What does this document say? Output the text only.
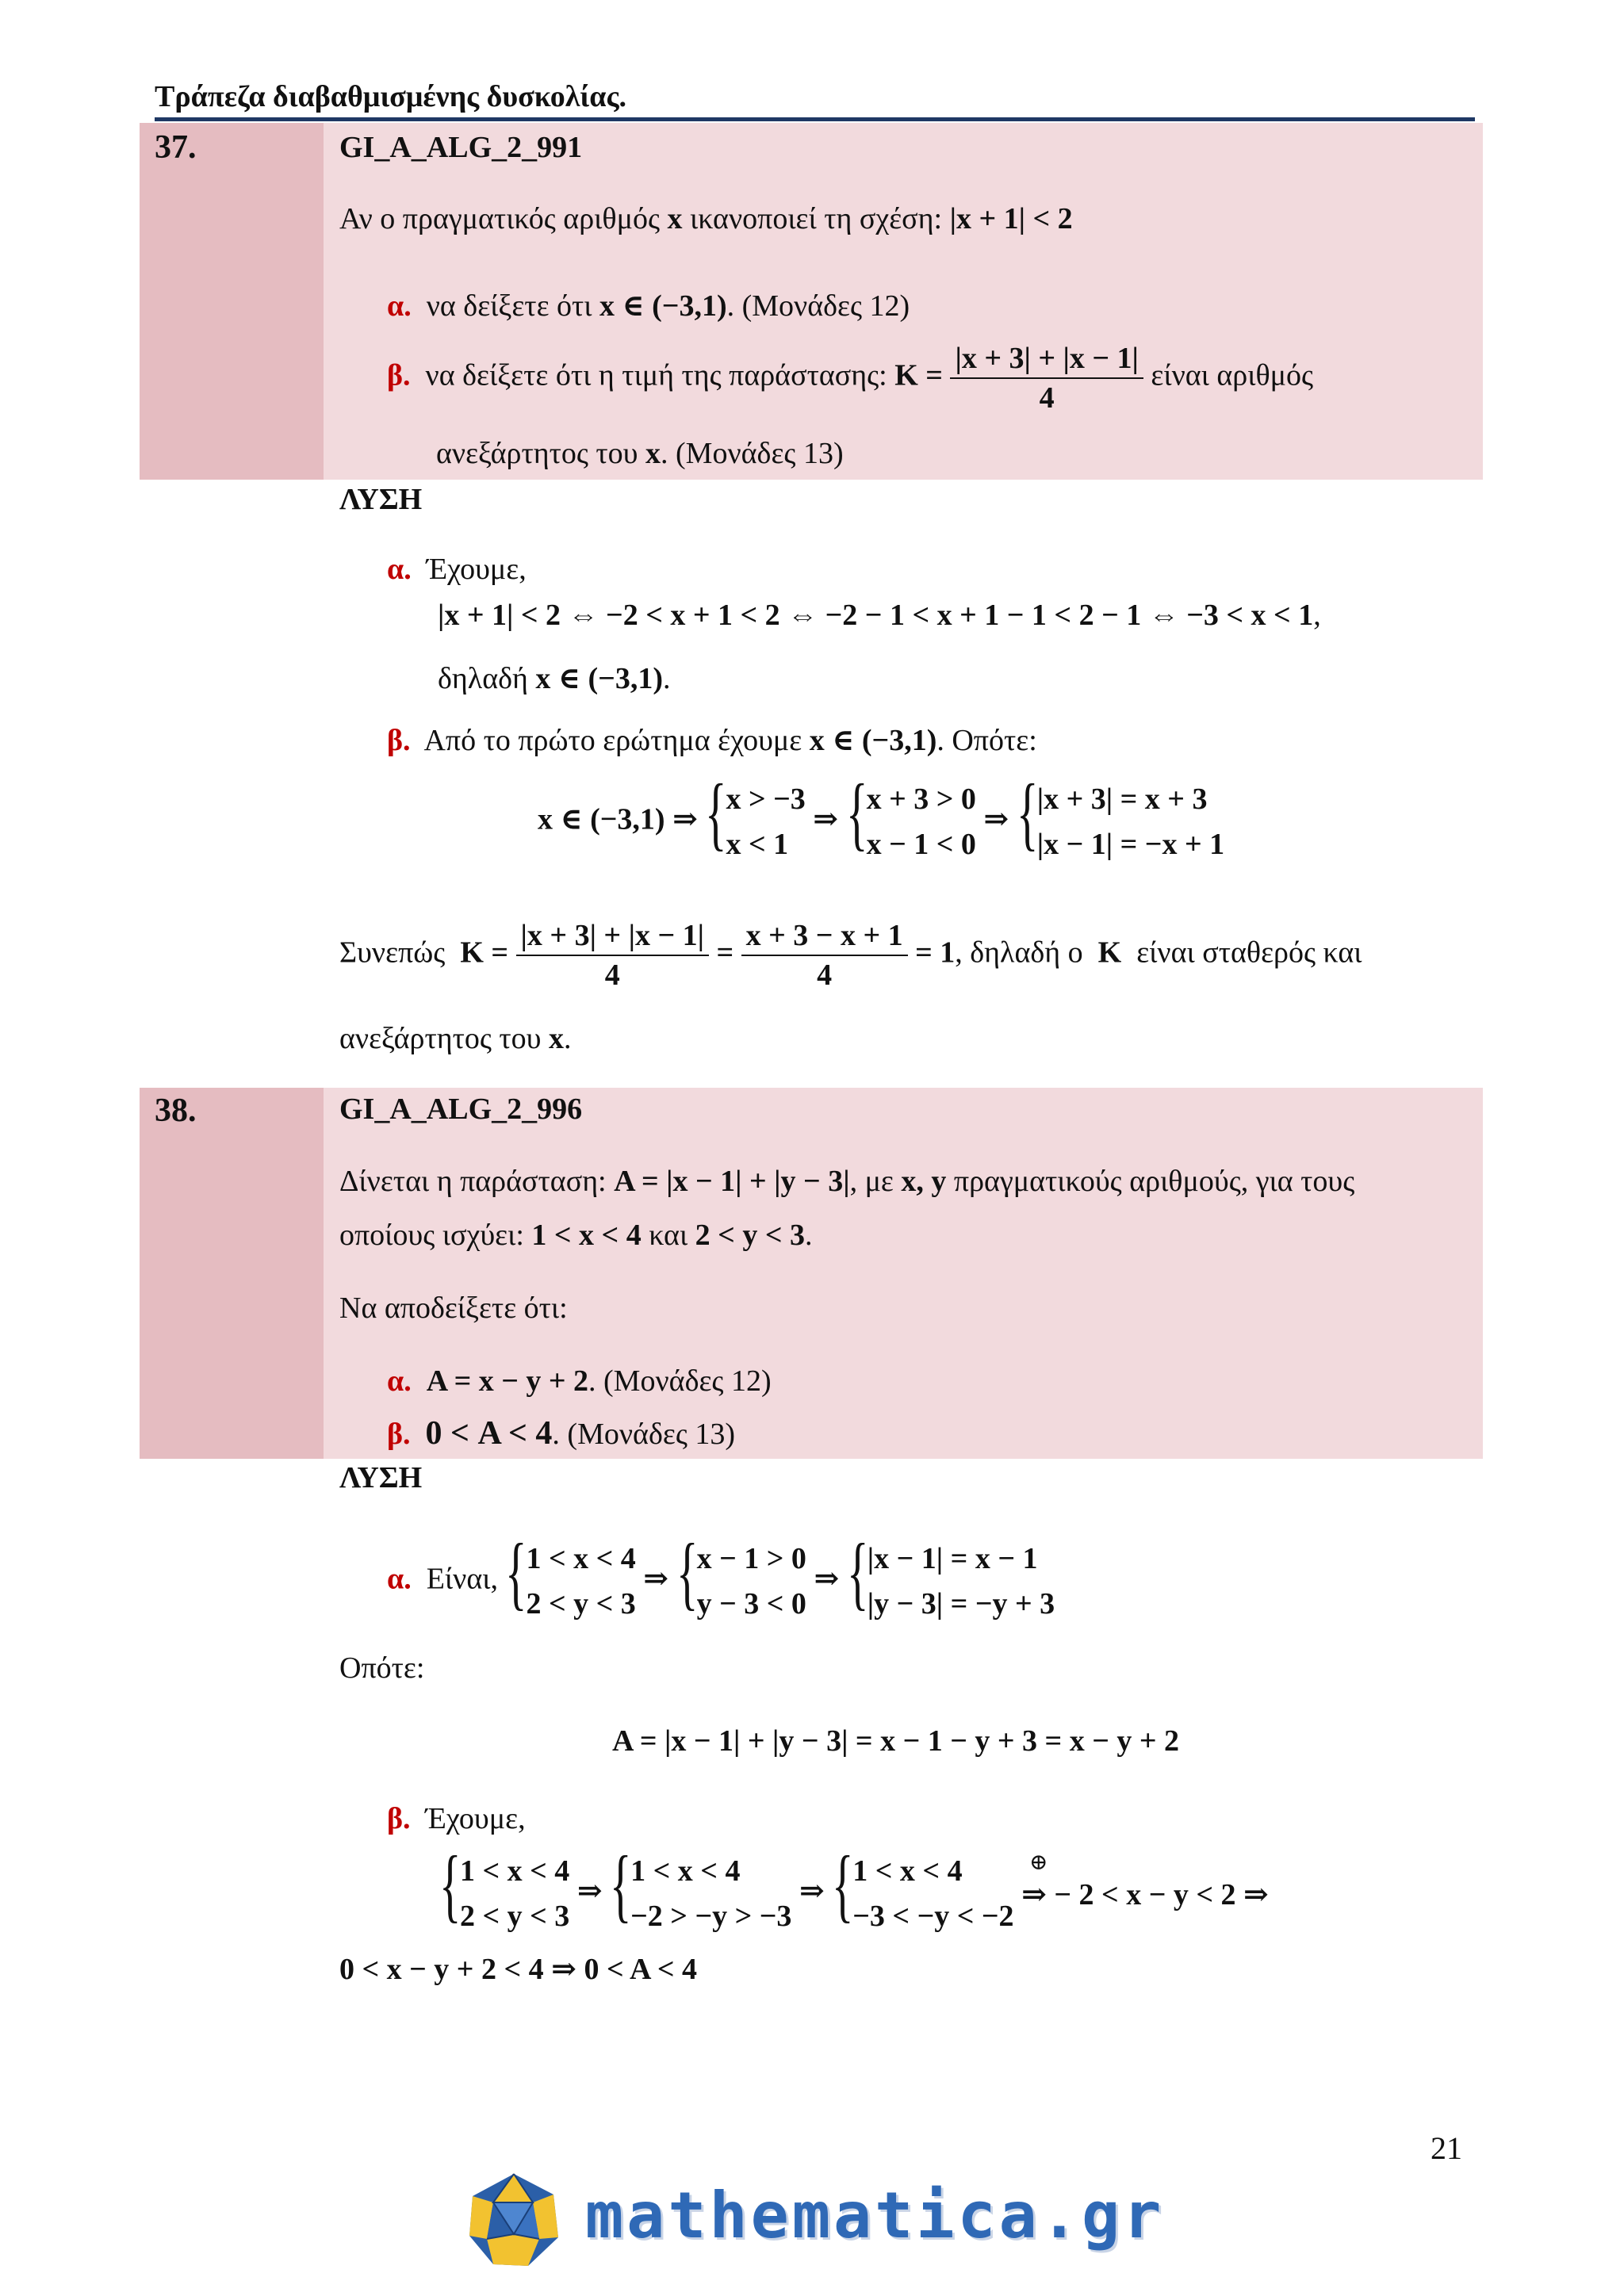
Τράπεζα διαβαθμισμένης δυσκολίας.
37.	GI_A_ALG_2_991
Αν ο πραγματικός αριθμός x ικανοποιεί τη σχέση: |x + 1| < 2
α. να δείξετε ότι x ∈ (−3,1). (Μονάδες 12)
β. να δείξετε ότι η τιμή της παράστασης: $K = \frac{|x + 3| + |x - 1|}{4}$ είναι αριθμός
ανεξάρτητος του x. (Μονάδες 13)
ΛΥΣΗ
α. Έχουμε,
|x + 1| < 2 ⇔ −2 < x + 1 < 2 ⇔ −2 − 1 < x + 1 − 1 < 2 − 1 ⇔ −3 < x < 1,
δηλαδή x ∈ (−3,1).
β. Από το πρώτο ερώτημα έχουμε x ∈ (−3,1). Οπότε:
x ∈ (−3,1) ⇒ {
x > −3
x < 1
⇒ {
x + 3 > 0
x − 1 < 0
⇒ {
|x + 3| = x + 3
|x − 1| = −x + 1
Συνεπώς $K = \frac{|x + 3| + |x - 1|}{4} = \frac{x + 3 - x + 1}{4} = 1$, δηλαδή ο K είναι σταθερός και
ανεξάρτητος του x.
38.	GI_A_ALG_2_996
Δίνεται η παράσταση: A = |x − 1| + |y − 3|, με x, y πραγματικούς αριθμούς, για τους
οποίους ισχύει: 1 < x < 4 και 2 < y < 3.
Να αποδείξετε ότι:
α. A = x − y + 2. (Μονάδες 12)
β. 0 < A < 4. (Μονάδες 13)
ΛΥΣΗ
α. Είναι, {
1 < x < 4
2 < y < 3
⇒ {
x − 1 > 0
y − 3 < 0
⇒ {
|x − 1| = x − 1
|y − 3| = −y + 3
Οπότε:
A = |x − 1| + |y − 3| = x − 1 − y + 3 = x − y + 2
β. Έχουμε,
{
1 < x < 4
2 < y < 3
⇒ {
1 < x < 4
−2 > −y > −3
⇒ {
1 < x < 4
−3 < −y < −2

⊕
⇒ − 2 < x − y < 2 ⇒
0 < x − y + 2 < 4 ⇒ 0 < A < 4
21
mathematica.gr
